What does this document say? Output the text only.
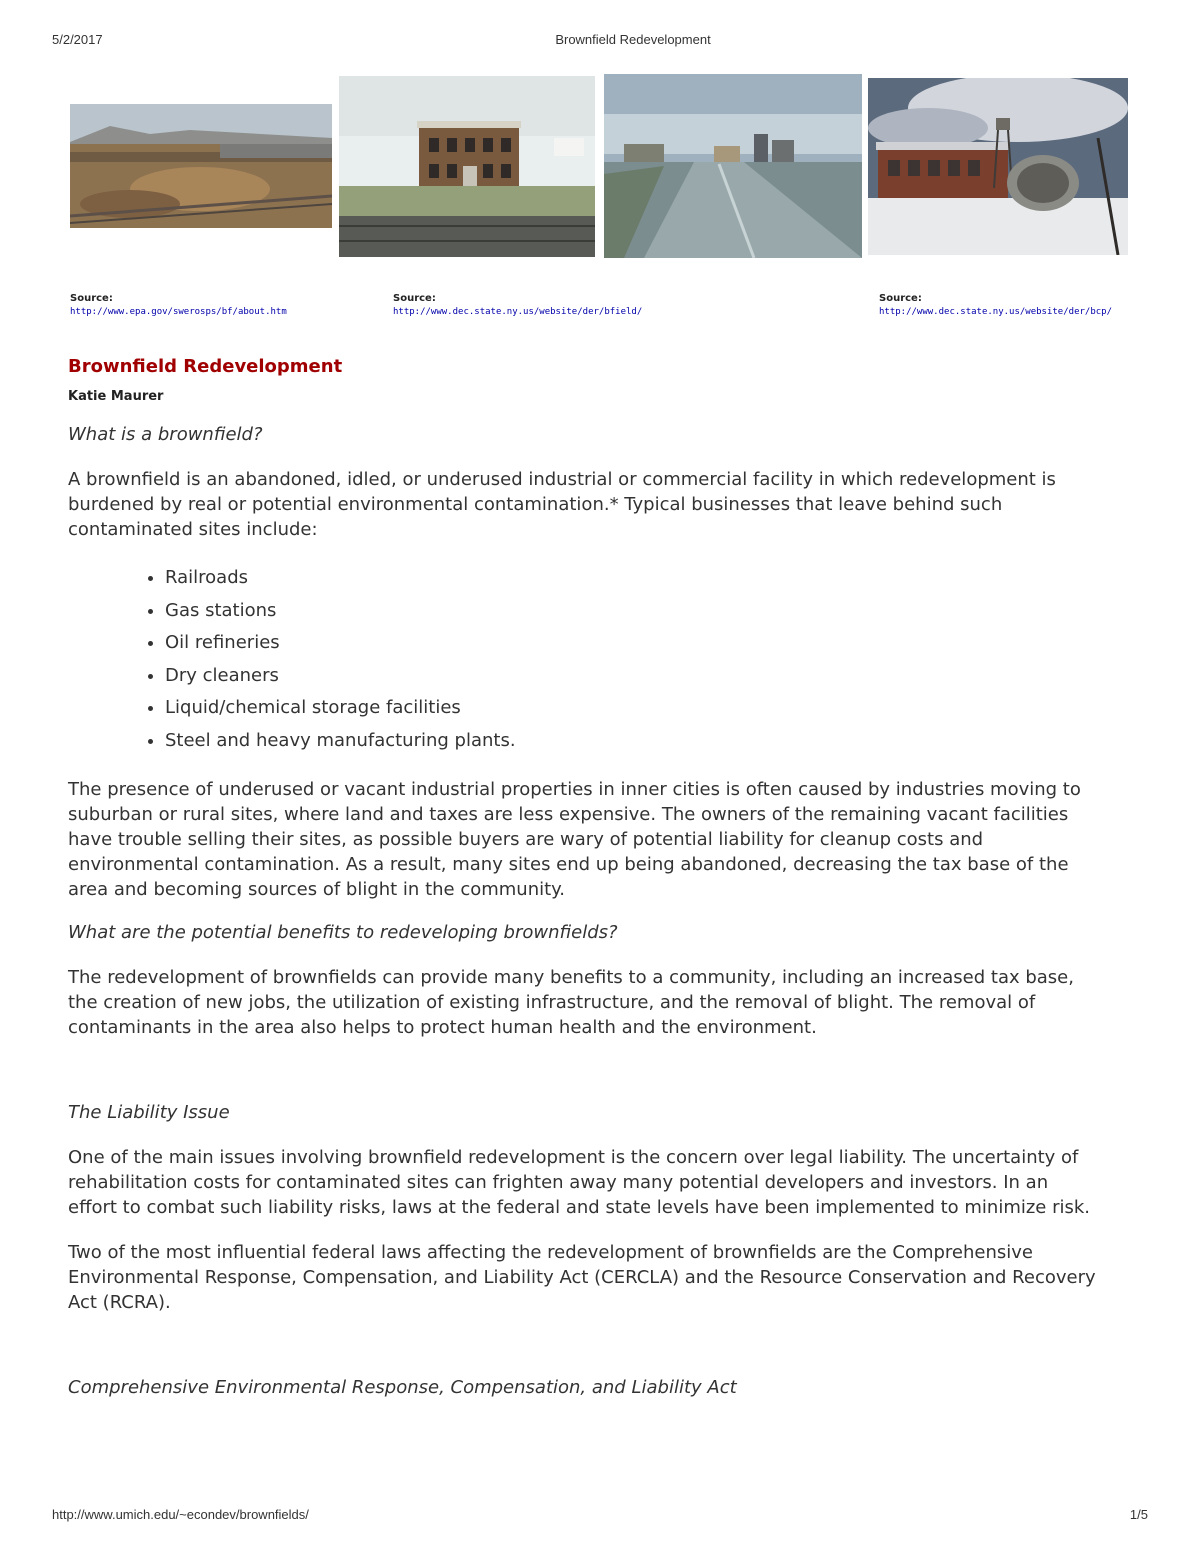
5/2/2017	Brownfield Redevelopment
Source:
http://www.epa.gov/swerosps/bf/about.htm
Source:
http://www.dec.state.ny.us/website/der/bfield/
Source:
http://www.dec.state.ny.us/website/der/bcp/
Brownfield Redevelopment
Katie Maurer
What is a brownfield?

A brownfield is an abandoned, idled, or underused industrial or commercial facility in which redevelopment is burdened by real or potential environmental contamination.* Typical businesses that leave behind such contaminated sites include:

• Railroads
• Gas stations
• Oil refineries
• Dry cleaners
• Liquid/chemical storage facilities
• Steel and heavy manufacturing plants.

The presence of underused or vacant industrial properties in inner cities is often caused by industries moving to suburban or rural sites, where land and taxes are less expensive. The owners of the remaining vacant facilities have trouble selling their sites, as possible buyers are wary of potential liability for cleanup costs and environmental contamination. As a result, many sites end up being abandoned, decreasing the tax base of the area and becoming sources of blight in the community.

What are the potential benefits to redeveloping brownfields?

The redevelopment of brownfields can provide many benefits to a community, including an increased tax base, the creation of new jobs, the utilization of existing infrastructure, and the removal of blight. The removal of contaminants in the area also helps to protect human health and the environment.

The Liability Issue

One of the main issues involving brownfield redevelopment is the concern over legal liability. The uncertainty of rehabilitation costs for contaminated sites can frighten away many potential developers and investors. In an effort to combat such liability risks, laws at the federal and state levels have been implemented to minimize risk.

Two of the most influential federal laws affecting the redevelopment of brownfields are the Comprehensive Environmental Response, Compensation, and Liability Act (CERCLA) and the Resource Conservation and Recovery Act (RCRA).

Comprehensive Environmental Response, Compensation, and Liability Act
http://www.umich.edu/~econdev/brownfields/	1/5
